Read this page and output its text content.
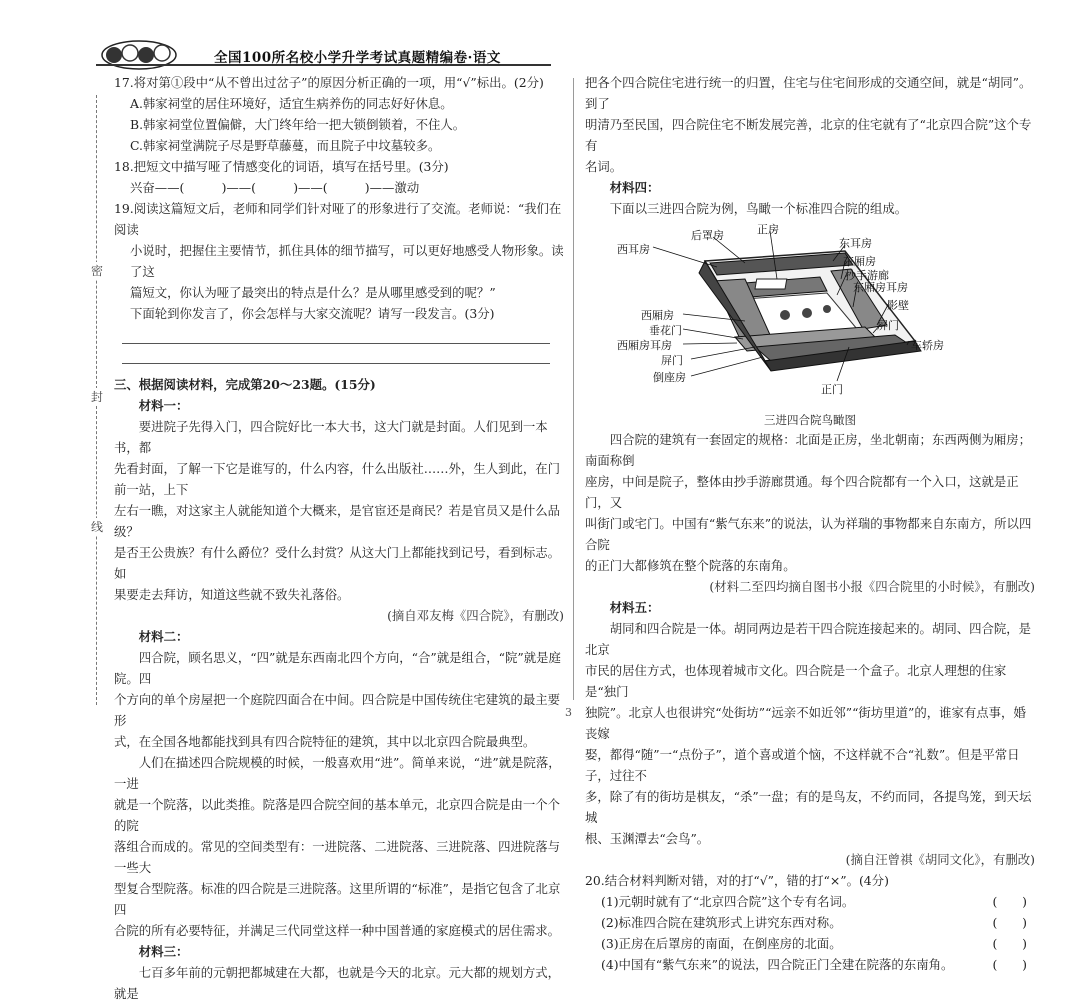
全国100所名校小学升学考试真题精编卷·语文
密
封
线

17.将对第①段中“从不曾出过岔子”的原因分析正确的一项，用“√”标出。(2分)

A.韩家祠堂的居住环境好，适宜生病养伤的同志好好休息。

B.韩家祠堂位置偏僻，大门终年给一把大锁倒锁着，不住人。

C.韩家祠堂满院子尽是野草藤蔓，而且院子中坟墓较多。

18.把短文中描写哑了情感变化的词语，填写在括号里。(3分)

兴奋——(　　　)——(　　　)——(　　　)——激动

19.阅读这篇短文后，老师和同学们针对哑了的形象进行了交流。老师说：“我们在阅读

小说时，把握住主要情节，抓住具体的细节描写，可以更好地感受人物形象。读了这

篇短文，你认为哑了最突出的特点是什么？是从哪里感受到的呢？”

下面轮到你发言了，你会怎样与大家交流呢？请写一段发言。(3分)

三、根据阅读材料，完成第20～23题。(15分)

材料一：

要进院子先得入门，四合院好比一本大书，这大门就是封面。人们见到一本书，都

先看封面，了解一下它是谁写的，什么内容，什么出版社……外，生人到此，在门前一站，上下

左右一瞧，对这家主人就能知道个大概来，是官宦还是商民？若是官员又是什么品级？

是否王公贵族？有什么爵位？受什么封赏？从这大门上都能找到记号，看到标志。如

果要走去拜访，知道这些就不致失礼落俗。

(摘自邓友梅《四合院》，有删改)

材料二：

四合院，顾名思义，“四”就是东西南北四个方向，“合”就是组合，“院”就是庭院。四

个方向的单个房屋把一个庭院四面合在中间。四合院是中国传统住宅建筑的最主要形

式，在全国各地都能找到具有四合院特征的建筑，其中以北京四合院最典型。

人们在描述四合院规模的时候，一般喜欢用“进”。简单来说，“进”就是院落，一进

就是一个院落，以此类推。院落是四合院空间的基本单元，北京四合院是由一个个的院

落组合而成的。常见的空间类型有：一进院落、二进院落、三进院落、四进院落与一些大

型复合型院落。标准的四合院是三进院落。这里所谓的“标准”，是指它包含了北京四

合院的所有必要特征，并满足三代同堂这样一种中国普通的家庭模式的居住需求。

材料三：

七百多年前的元朝把都城建在大都，也就是今天的北京。元大都的规划方式，就是

把各个四合院住宅进行统一的归置，住宅与住宅间形成的交通空间，就是“胡同”。到了

明清乃至民国，四合院住宅不断发展完善，北京的住宅就有了“北京四合院”这个专有

名词。

材料四：

下面以三进四合院为例，鸟瞰一个标准四合院的组成。

西耳房
后罩房	正房
东耳房
东厢房
抄手游廊
东厢房耳房
影壁
屏门
车轿房
西厢房
垂花门
西厢房耳房
屏门
倒座房
正门

三进四合院鸟瞰图

四合院的建筑有一套固定的规格：北面是正房，坐北朝南；东西两侧为厢房；南面称倒

座房，中间是院子，整体由抄手游廊贯通。每个四合院都有一个入口，这就是正门，又

叫街门或宅门。中国有“紫气东来”的说法，认为祥瑞的事物都来自东南方，所以四合院

的正门大都修筑在整个院落的东南角。

(材料二至四均摘自图书小报《四合院里的小时候》，有删改)

材料五：

胡同和四合院是一体。胡同两边是若干四合院连接起来的。胡同、四合院，是北京

市民的居住方式，也体现着城市文化。四合院是一个盒子。北京人理想的住家是“独门

独院”。北京人也很讲究“处街坊”“远亲不如近邻”“街坊里道”的，谁家有点事，婚丧嫁

娶，都得“随”一“点份子”，道个喜或道个恼，不这样就不合“礼数”。但是平常日子，过往不

多，除了有的街坊是棋友，“杀”一盘；有的是鸟友，不约而同，各提鸟笼，到天坛城

根、玉渊潭去“会鸟”。

(摘自汪曾祺《胡同文化》，有删改)

20.结合材料判断对错，对的打“√”，错的打“×”。(4分)

(1)元朝时就有了“北京四合院”这个专有名词。	(　　)
(2)标准四合院在建筑形式上讲究东西对称。	(　　)
(3)正房在后罩房的南面，在倒座房的北面。	(　　)
(4)中国有“紫气东来”的说法，四合院正门全建在院落的东南角。	(　　)
3
